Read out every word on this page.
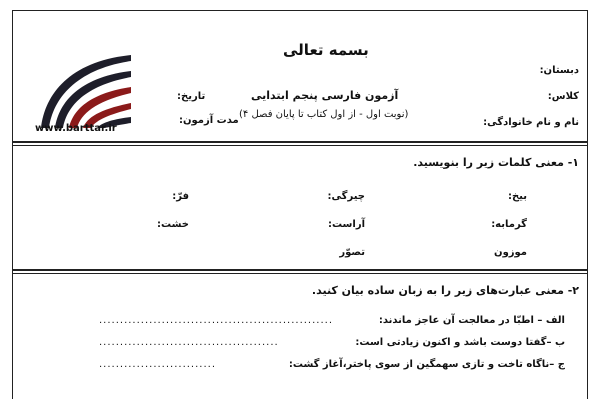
بسمه تعالی
دبستان:
کلاس:
نام و نام خانوادگی:
آزمون فارسی پنجم ابتدایی
(نوبت اول - از اول کتاب تا پایان فصل ۴)
تاریخ:
مدت آزمون:
www.barttar.ir
۱- معنی کلمات زیر را بنویسید.
بیخ:
چیرگی:
فرّ:
گرمابه:
آراست:
خشت:
موزون
تصوّر
۲- معنی عبارت‌های زیر را به زبان ساده بیان کنید.
الف – اطبّا در معالجت آن عاجز ماندند:
........................................................
ب –گفتا دوست باشد و اکنون زیادتی است:
...........................................
ج –ناگاه تاخت و تازی سهمگین از سوی پاختر،آغاز گشت:
............................
